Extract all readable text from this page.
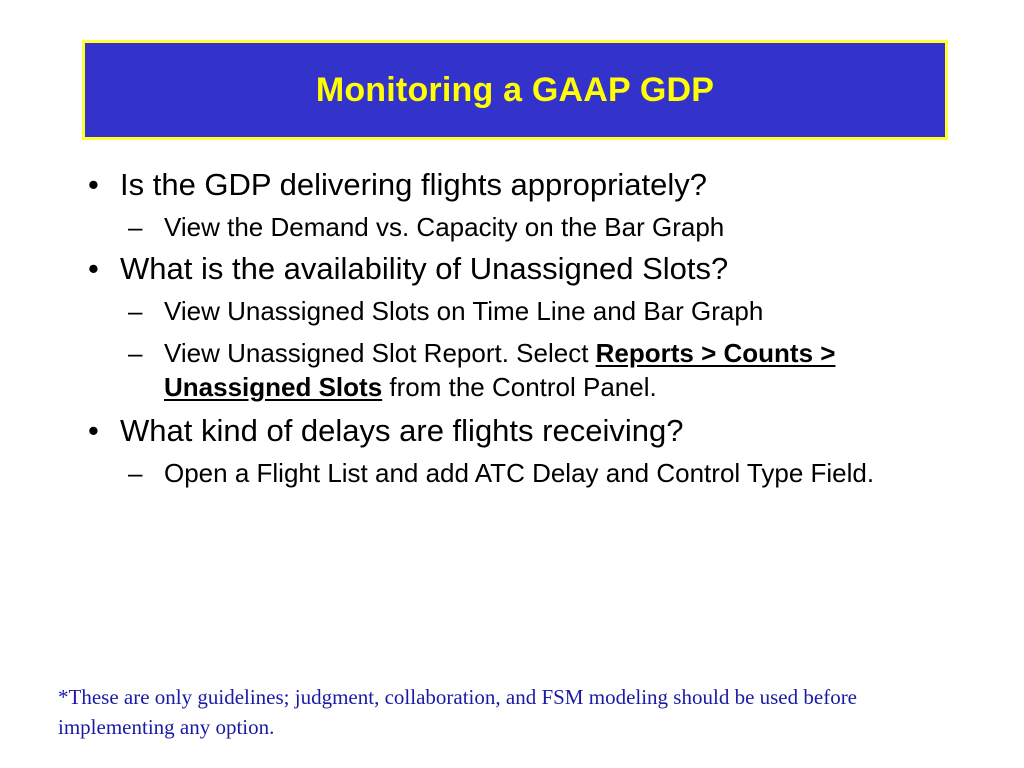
Monitoring a GAAP GDP
• Is the GDP delivering flights appropriately?
– View the Demand vs. Capacity on the Bar Graph
• What is the availability of Unassigned Slots?
– View Unassigned Slots on Time Line and Bar Graph
– View Unassigned Slot Report. Select Reports > Counts > Unassigned Slots from the Control Panel.
• What kind of delays are flights receiving?
– Open a Flight List and add ATC Delay and Control Type Field.
*These are only guidelines; judgment, collaboration, and FSM modeling should be used before implementing any option.
